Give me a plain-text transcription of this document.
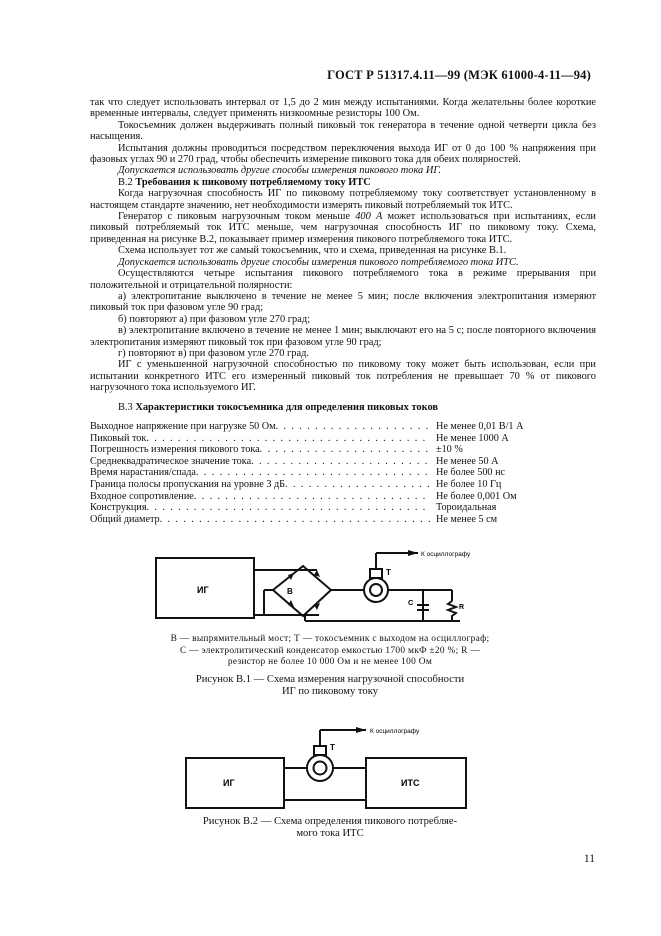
ГОСТ Р 51317.4.11—99 (МЭК 61000-4-11—94)

так что следует использовать интервал от 1,5 до 2 мин между испытаниями. Когда желательны более короткие временные интервалы, следует применять низкоомные резисторы 100 Ом.

Токосъемник должен выдерживать полный пиковый ток генератора в течение одной четверти цикла без насыщения.

Испытания должны проводиться посредством переключения выхода ИГ от 0 до 100 % напряжения при фазовых углах 90 и 270 град, чтобы обеспечить измерение пикового тока для обеих полярностей.

Допускается использовать другие способы измерения пикового тока ИГ.

В.2 Требования к пиковому потребляемому току ИТС

Когда нагрузочная способность ИГ по пиковому потребляемому току соответствует установленному в настоящем стандарте значению, нет необходимости измерять пиковый потребляемый ток ИТС.

Генератор с пиковым нагрузочным током меньше 400 А может использоваться при испытаниях, если пиковый потребляемый ток ИТС меньше, чем нагрузочная способность ИГ по пиковому току. Схема, приведенная на рисунке В.2, показывает пример измерения пикового потребляемого тока ИТС.

Схема использует тот же самый токосъемник, что и схема, приведенная на рисунке В.1.

Допускается использовать другие способы измерения пикового потребляемого тока ИТС.

Осуществляются четыре испытания пикового потребляемого тока в режиме прерывания при положительной и отрицательной полярности:

а) электропитание выключено в течение не менее 5 мин; после включения электропитания измеряют пиковый ток при фазовом угле 90 град;

б) повторяют а) при фазовом угле 270 град;

в) электропитание включено в течение не менее 1 мин; выключают его на 5 с; после повторного включения электропитания измеряют пиковый ток при фазовом угле 90 град;

г) повторяют в) при фазовом угле 270 град.

ИГ с уменьшенной нагрузочной способностью по пиковому току может быть использован, если при испытании конкретного ИТС его измеренный пиковый ток потребления не превышает 70 % от пикового нагрузочного тока используемого ИГ.

В.3 Характеристики токосъемника для определения пиковых токов

Выходное напряжение при нагрузке 50 Ом . . .	Не менее 0,01 В/1 А
Пиковый ток . . .	Не менее 1000 А
Погрешность измерения пикового тока . . .	±10 %
Среднеквадратическое значение тока . . .	Не менее 50 А
Время нарастания/спада . . .	Не более 500 нс
Граница полосы пропускания на уровне 3 дБ . . .	Не более 10 Гц
Входное сопротивление . . .	Не более 0,001 Ом
Конструкция . . .	Тороидальная
Общий диаметр . . .	Не менее 5 см
ИГ	В
Т
К осциллографу
С
R
В — выпрямительный мост; Т — токосъемник с выходом на осциллограф;
С — электролитический конденсатор емкостью 1700 мкФ ±20 %; R —
резистор не более 10 000 Ом и не менее 100 Ом
Рисунок В.1 — Схема измерения нагрузочной способности
ИГ по пиковому току
ИГ	ИТС
Т
К осциллографу
Рисунок В.2 — Схема определения пикового потребляе-
мого тока ИТС
11
